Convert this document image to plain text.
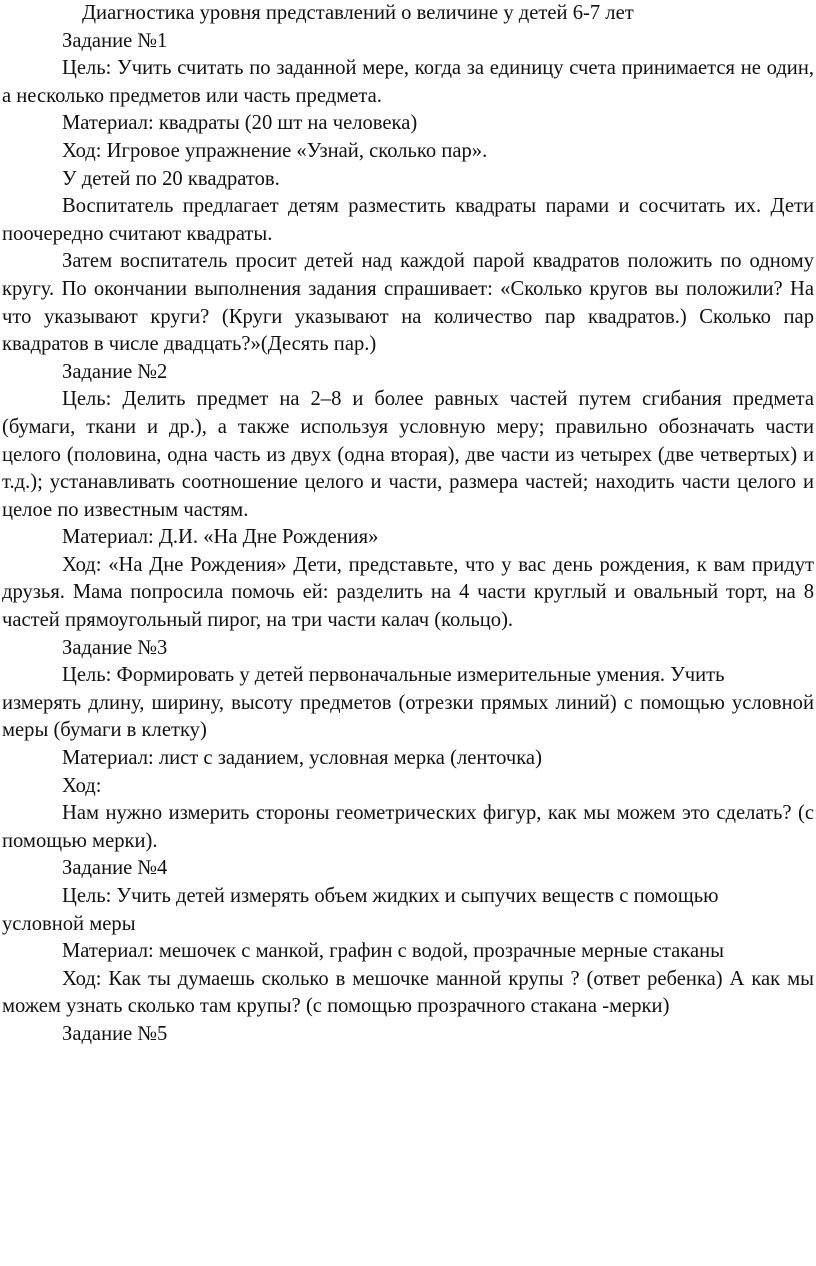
Диагностика уровня представлений о величине у детей 6-7 лет

Задание №1

Цель: Учить считать по заданной мере, когда за единицу счета принимается не один, а несколько предметов или часть предмета.

Материал: квадраты (20 шт на человека)

Ход: Игровое упражнение «Узнай, сколько пар».

У детей по 20 квадратов.

Воспитатель предлагает детям разместить квадраты парами и сосчитать их. Дети поочередно считают квадраты.

Затем воспитатель просит детей над каждой парой квадратов положить по одному кругу. По окончании выполнения задания спрашивает: «Сколько кругов вы положили? На что указывают круги? (Круги указывают на количество пар квадратов.) Сколько пар квадратов в числе двадцать?»(Десять пар.)

Задание №2

Цель: Делить предмет на 2–8 и более равных частей путем сгибания предмета (бумаги, ткани и др.), а также используя условную меру; правильно обозначать части целого (половина, одна часть из двух (одна вторая), две части из четырех (две четвертых) и т.д.); устанавливать соотношение целого и части, размера частей; находить части целого и целое по известным частям.

Материал: Д.И. «На Дне Рождения»

Ход: «На Дне Рождения» Дети, представьте, что у вас день рождения, к вам придут друзья. Мама попросила помочь ей: разделить на 4 части круглый и овальный торт, на 8 частей прямоугольный пирог, на три части калач (кольцо).

Задание №3

Цель: Формировать у детей первоначальные измерительные умения. Учить

измерять длину, ширину, высоту предметов (отрезки прямых линий) с помощью условной меры (бумаги в клетку)

Материал: лист с заданием, условная мерка (ленточка)

Ход:

Нам нужно измерить стороны геометрических фигур, как мы можем это сделать? (с помощью мерки).

Задание №4

Цель: Учить детей измерять объем жидких и сыпучих веществ с помощью

условной меры

Материал: мешочек с манкой, графин с водой, прозрачные мерные стаканы

Ход: Как ты думаешь сколько в мешочке манной крупы ? (ответ ребенка) А как мы можем узнать сколько там крупы? (с помощью прозрачного стакана -мерки)

Задание №5
